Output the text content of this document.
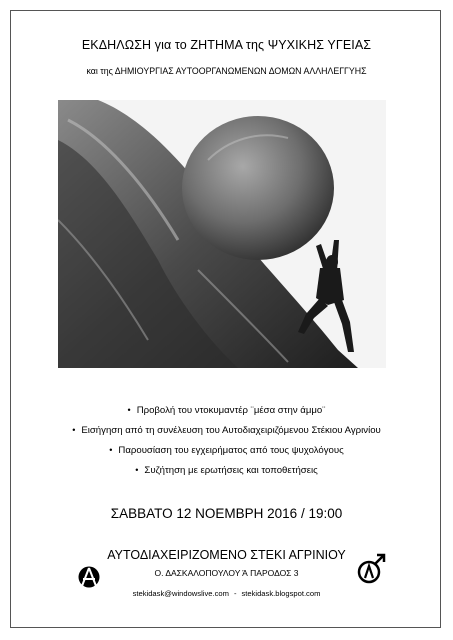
ΕΚΔΗΛΩΣΗ για το ΖΗΤΗΜΑ της ΨΥΧΙΚΗΣ ΥΓΕΙΑΣ
και της ΔΗΜΙΟΥΡΓΙΑΣ ΑΥΤΟΟΡΓΑΝΩΜΕΝΩΝ ΔΟΜΩΝ ΑΛΛΗΛΕΓΓΥΗΣ
• Προβολή του ντοκυμαντέρ ¨μέσα στην άμμο¨
• Εισήγηση από τη συνέλευση του Αυτοδιαχειριζόμενου Στέκιου Αγρινίου
• Παρουσίαση του εγχειρήματος από τους ψυχολόγους
• Συζήτηση με ερωτήσεις και τοποθετήσεις
ΣΑΒΒΑΤΟ 12 ΝΟΕΜΒΡΗ 2016 / 19:00
ΑΥΤΟΔΙΑΧΕΙΡΙΖΟΜΕΝΟ ΣΤΕΚΙ ΑΓΡΙΝΙΟΥ
Ο. ΔΑΣΚΑΛΟΠΟΥΛΟΥ Ά ΠΑΡΟΔΟΣ 3
stekidask@windowslive.com - stekidask.blogspot.com
